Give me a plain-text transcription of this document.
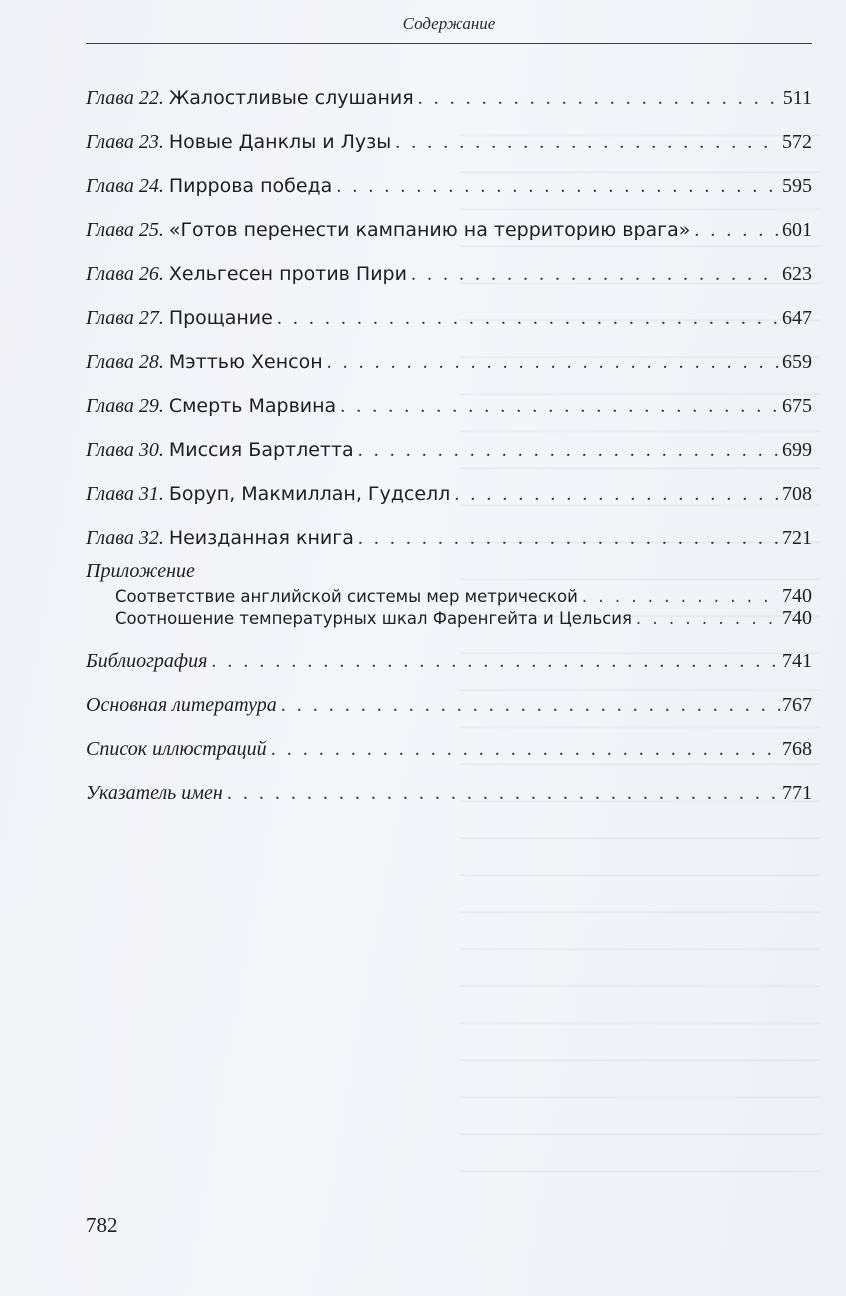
Содержание
Глава 22. Жалостливые слушания . . .	511
Глава 23. Новые Данклы и Лузы . . .	572
Глава 24. Пиррова победа . . .	595
Глава 25. «Готов перенести кампанию на территорию врага» . . .	601
Глава 26. Хельгесен против Пири . . .	623
Глава 27. Прощание . . .	647
Глава 28. Мэттью Хенсон . . .	659
Глава 29. Смерть Марвина . . .	675
Глава 30. Миссия Бартлетта . . .	699
Глава 31. Боруп, Макмиллан, Гудселл . . .	708
Глава 32. Неизданная книга . . .	721
Приложение
Соответствие английской системы мер метрической . . .	740
Соотношение температурных шкал Фаренгейта и Цельсия . . .	740
Библиография . . .	741
Основная литература . . .	767
Список иллюстраций . . .	768
Указатель имен . . .	771
782
